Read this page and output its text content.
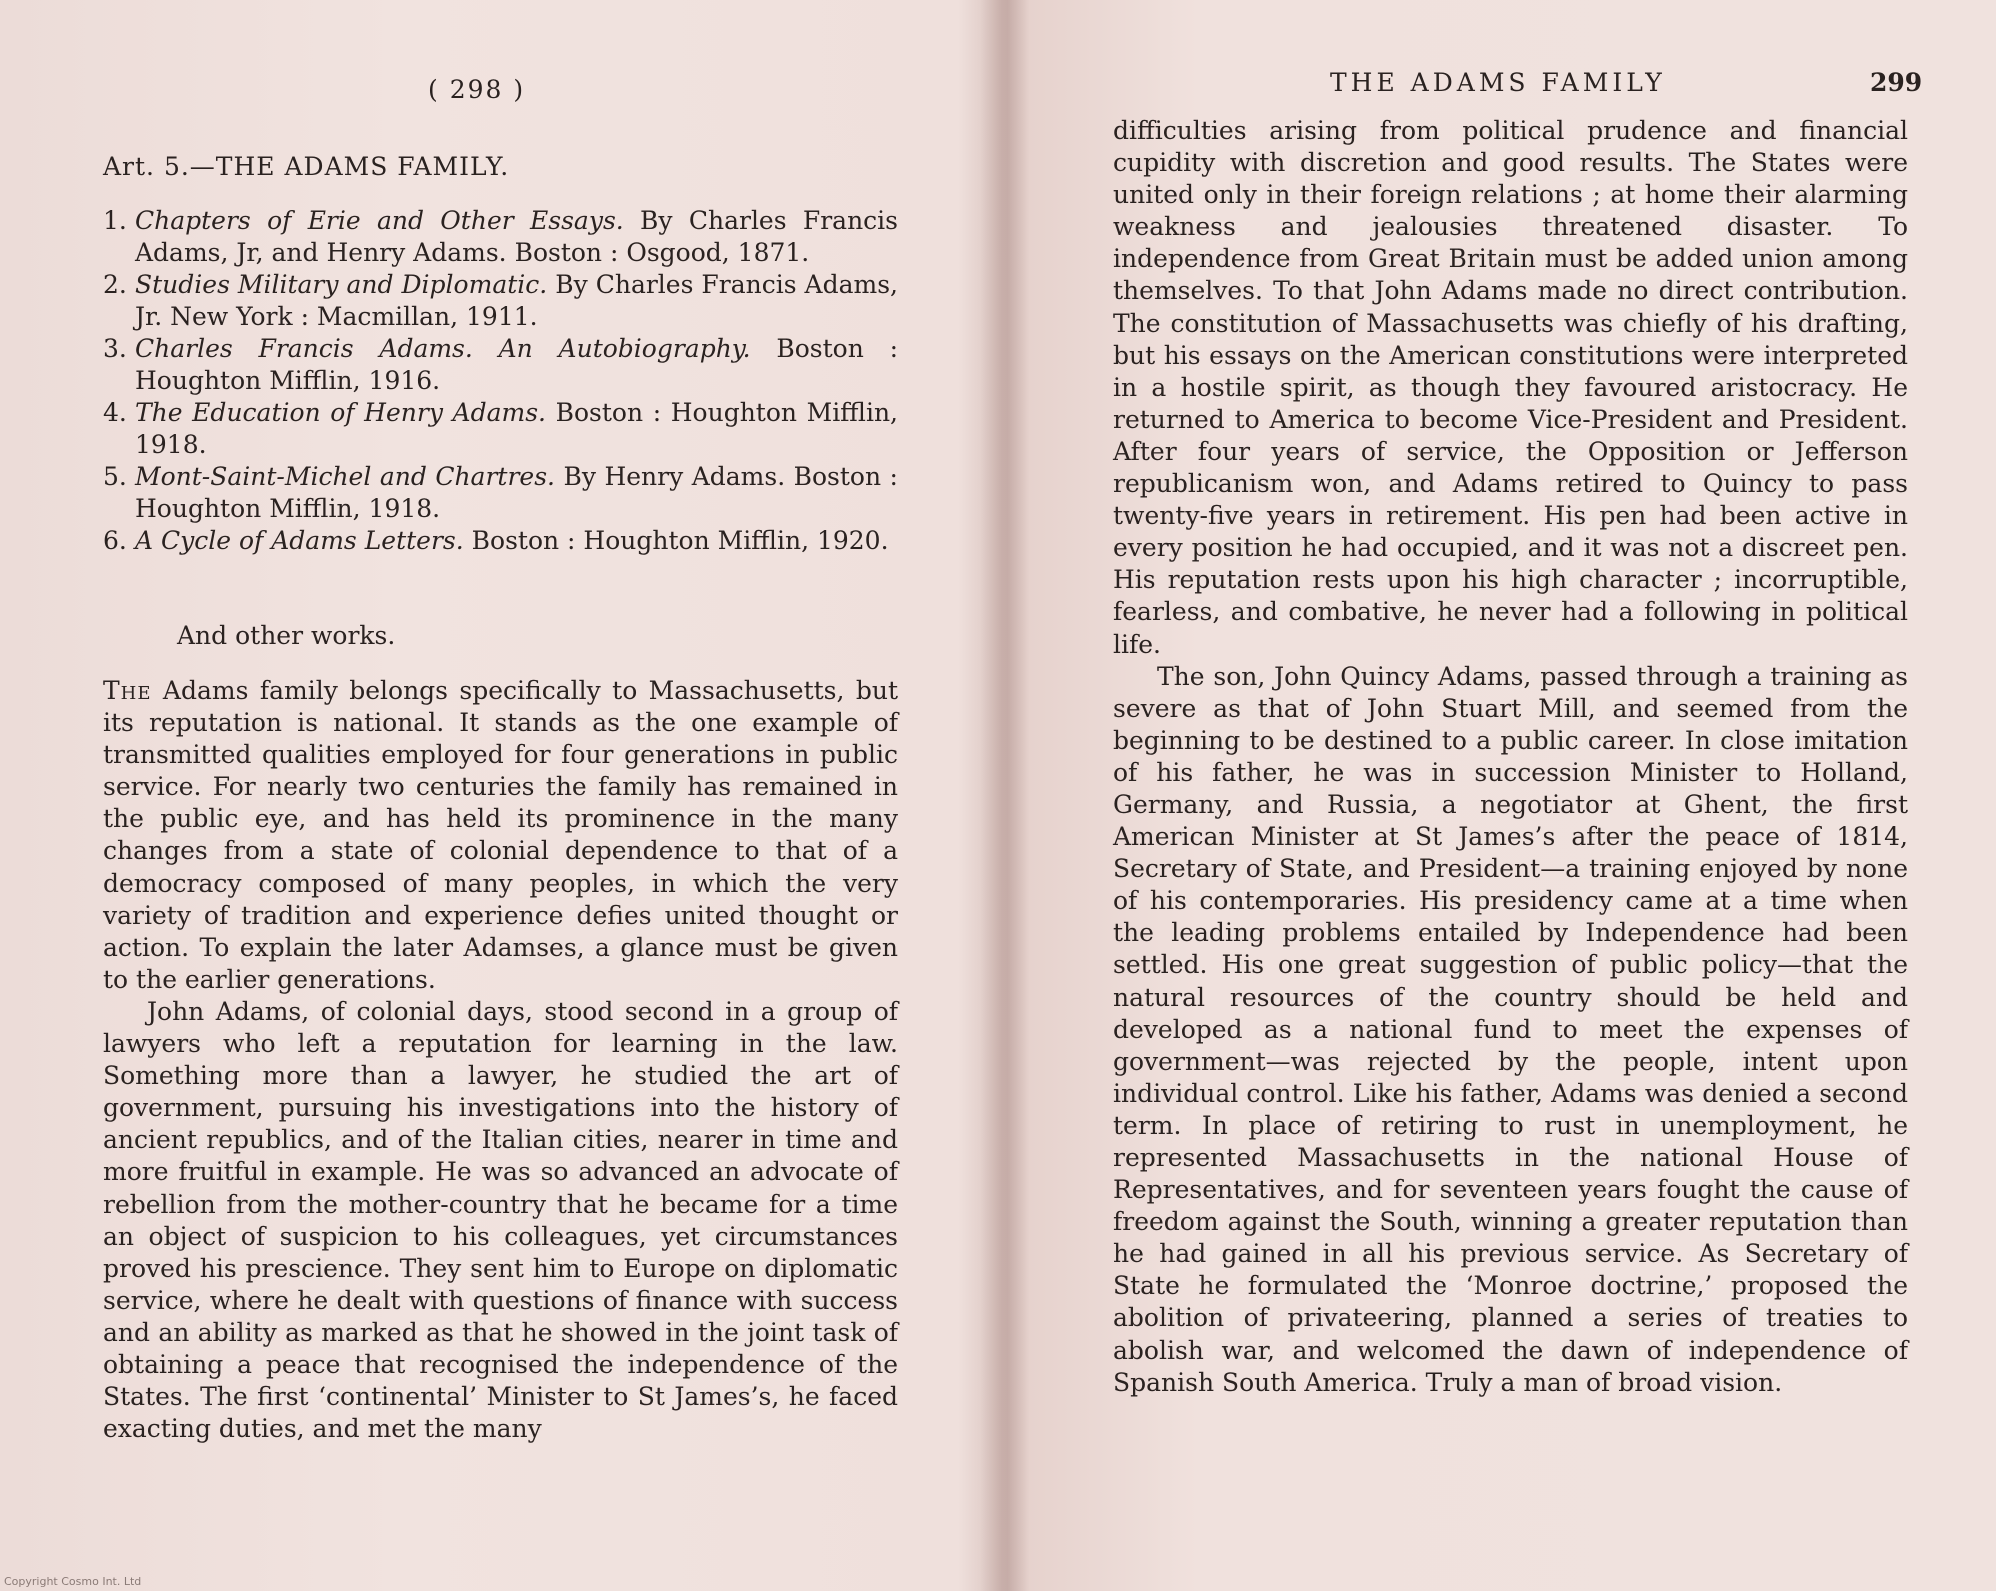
( 298 )
Art. 5.—THE ADAMS FAMILY.
1. Chapters of Erie and Other Essays. By Charles Francis Adams, Jr, and Henry Adams. Boston : Osgood, 1871.
2. Studies Military and Diplomatic. By Charles Francis Adams, Jr. New York : Macmillan, 1911.
3. Charles Francis Adams. An Autobiography. Boston : Houghton Mifflin, 1916.
4. The Education of Henry Adams. Boston : Houghton Mifflin, 1918.
5. Mont-Saint-Michel and Chartres. By Henry Adams. Boston : Houghton Mifflin, 1918.
6. A Cycle of Adams Letters. Boston : Houghton Mifflin, 1920.
And other works.

The Adams family belongs specifically to Massachusetts, but its reputation is national. It stands as the one example of transmitted qualities employed for four generations in public service. For nearly two centuries the family has remained in the public eye, and has held its prominence in the many changes from a state of colonial dependence to that of a democracy composed of many peoples, in which the very variety of tradition and experience defies united thought or action. To explain the later Adamses, a glance must be given to the earlier generations.

John Adams, of colonial days, stood second in a group of lawyers who left a reputation for learning in the law. Something more than a lawyer, he studied the art of government, pursuing his investigations into the history of ancient republics, and of the Italian cities, nearer in time and more fruitful in example. He was so advanced an advocate of rebellion from the mother-country that he became for a time an object of suspicion to his colleagues, yet circumstances proved his prescience. They sent him to Europe on diplomatic service, where he dealt with questions of finance with success and an ability as marked as that he showed in the joint task of obtaining a peace that recognised the independence of the States. The first ‘continental’ Minister to St James’s, he faced exacting duties, and met the many

THE ADAMS FAMILY	299

difficulties arising from political prudence and financial cupidity with discretion and good results. The States were united only in their foreign relations ; at home their alarming weakness and jealousies threatened disaster. To independence from Great Britain must be added union among themselves. To that John Adams made no direct contribution. The constitution of Massachusetts was chiefly of his drafting, but his essays on the American constitutions were interpreted in a hostile spirit, as though they favoured aristocracy. He returned to America to become Vice-President and President. After four years of service, the Opposition or Jefferson republicanism won, and Adams retired to Quincy to pass twenty-five years in retirement. His pen had been active in every position he had occupied, and it was not a discreet pen. His reputation rests upon his high character ; incorruptible, fearless, and combative, he never had a following in political life.

The son, John Quincy Adams, passed through a training as severe as that of John Stuart Mill, and seemed from the beginning to be destined to a public career. In close imitation of his father, he was in succession Minister to Holland, Germany, and Russia, a negotiator at Ghent, the first American Minister at St James’s after the peace of 1814, Secretary of State, and President—a training enjoyed by none of his contemporaries. His presidency came at a time when the leading problems entailed by Independence had been settled. His one great suggestion of public policy—that the natural resources of the country should be held and developed as a national fund to meet the expenses of government—was rejected by the people, intent upon individual control. Like his father, Adams was denied a second term. In place of retiring to rust in unemployment, he represented Massachusetts in the national House of Representatives, and for seventeen years fought the cause of freedom against the South, winning a greater reputation than he had gained in all his previous service. As Secretary of State he formulated the ‘Monroe doctrine,’ proposed the abolition of privateering, planned a series of treaties to abolish war, and welcomed the dawn of independence of Spanish South America. Truly a man of broad vision.

Copyright Cosmo Int. Ltd
